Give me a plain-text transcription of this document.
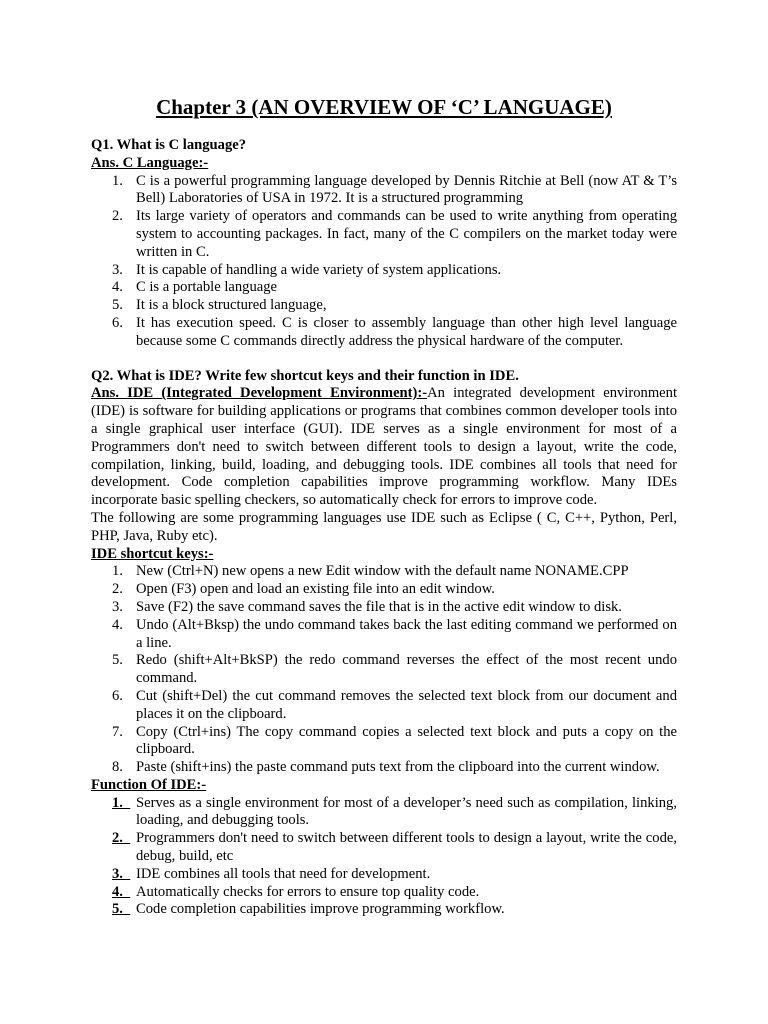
Chapter 3 (AN OVERVIEW OF ‘C’ LANGUAGE)
Q1. What is C language?
Ans. C Language:-
1. C is a powerful programming language developed by Dennis Ritchie at Bell (now AT & T’s Bell) Laboratories of USA in 1972. It is a structured programming
2. Its large variety of operators and commands can be used to write anything from operating system to accounting packages. In fact, many of the C compilers on the market today were written in C.
3. It is capable of handling a wide variety of system applications.
4. C is a portable language
5. It is a block structured language,
6. It has execution speed. C is closer to assembly language than other high level language because some C commands directly address the physical hardware of the computer.
Q2. What is IDE? Write few shortcut keys and their function in IDE.

Ans. IDE (Integrated Development Environment):-An integrated development environment (IDE) is software for building applications or programs that combines common developer tools into a single graphical user interface (GUI). IDE serves as a single environment for most of a Programmers don't need to switch between different tools to design a layout, write the code, compilation, linking, build, loading, and debugging tools. IDE combines all tools that need for development. Code completion capabilities improve programming workflow. Many IDEs incorporate basic spelling checkers, so automatically check for errors to improve code.

The following are some programming languages use IDE such as Eclipse ( C, C++, Python, Perl, PHP, Java, Ruby etc).

IDE shortcut keys:-
1. New (Ctrl+N) new opens a new Edit window with the default name NONAME.CPP
2. Open (F3) open and load an existing file into an edit window.
3. Save (F2) the save command saves the file that is in the active edit window to disk.
4. Undo (Alt+Bksp) the undo command takes back the last editing command we performed on a line.
5. Redo (shift+Alt+BkSP) the redo command reverses the effect of the most recent undo command.
6. Cut (shift+Del) the cut command removes the selected text block from our document and places it on the clipboard.
7. Copy (Ctrl+ins) The copy command copies a selected text block and puts a copy on the clipboard.
8. Paste (shift+ins) the paste command puts text from the clipboard into the current window.
Function Of IDE:-
1. Serves as a single environment for most of a developer’s need such as compilation, linking, loading, and debugging tools.
2. Programmers don't need to switch between different tools to design a layout, write the code, debug, build, etc
3. IDE combines all tools that need for development.
4. Automatically checks for errors to ensure top quality code.
5. Code completion capabilities improve programming workflow.
